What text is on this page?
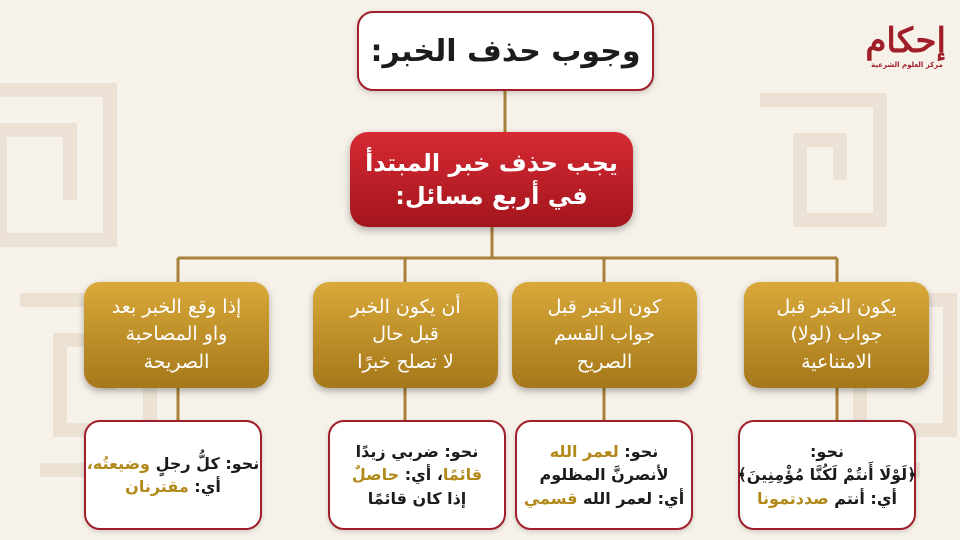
إحكام
مركز العلوم الشرعية
وجوب حذف الخبر:
يجب حذف خبر المبتدأ
في أربع مسائل:
يكون الخبر قبل
جواب (لولا)
الامتناعية
نحو:
﴿لَوْلَا أَنتُمْ لَكُنَّا مُؤْمِنِينَ﴾
أي: أنتم صددتمونا
كون الخبر قبل
جواب القسم
الصريح
نحو: لعمر الله
لأنصرنَّ المظلوم
أي: لعمر الله قسمي
أن يكون الخبر
قبل حال
لا تصلح خبرًا
نحو: ضربي زيدًا
قائمًا، أي: حاصلٌ
إذا كان قائمًا
إذا وقع الخبر بعد
واو المصاحبة
الصريحة
نحو: كلُّ رجلٍ وضيعتُه،
أي: مقترنان
